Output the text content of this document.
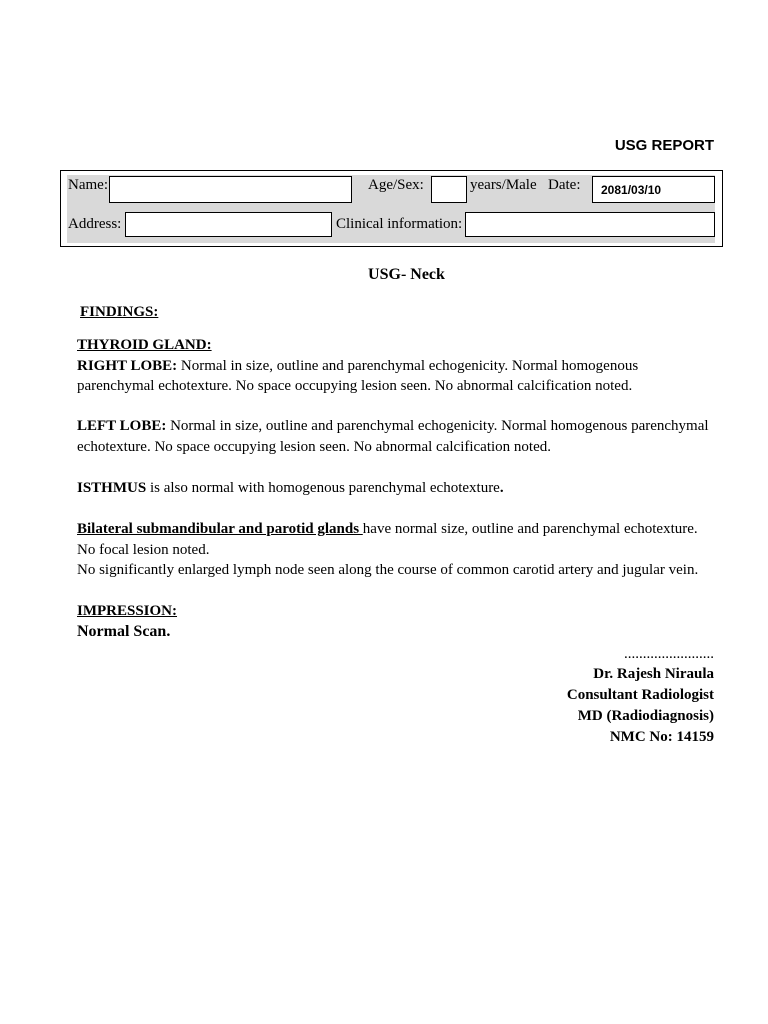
USG REPORT
Name:	Age/Sex:	years/Male Date:	2081/03/10
Address:	Clinical information:
USG- Neck
FINDINGS:
THYROID GLAND:
RIGHT LOBE: Normal in size, outline and parenchymal echogenicity. Normal homogenous
parenchymal echotexture. No space occupying lesion seen. No abnormal calcification noted.
LEFT LOBE: Normal in size, outline and parenchymal echogenicity. Normal homogenous parenchymal
echotexture. No space occupying lesion seen. No abnormal calcification noted.
ISTHMUS is also normal with homogenous parenchymal echotexture.
Bilateral submandibular and parotid glands have normal size, outline and parenchymal echotexture.
No focal lesion noted.
No significantly enlarged lymph node seen along the course of common carotid artery and jugular vein.
IMPRESSION:
Normal Scan.
........................
Dr. Rajesh Niraula
Consultant Radiologist
MD (Radiodiagnosis)
NMC No: 14159
